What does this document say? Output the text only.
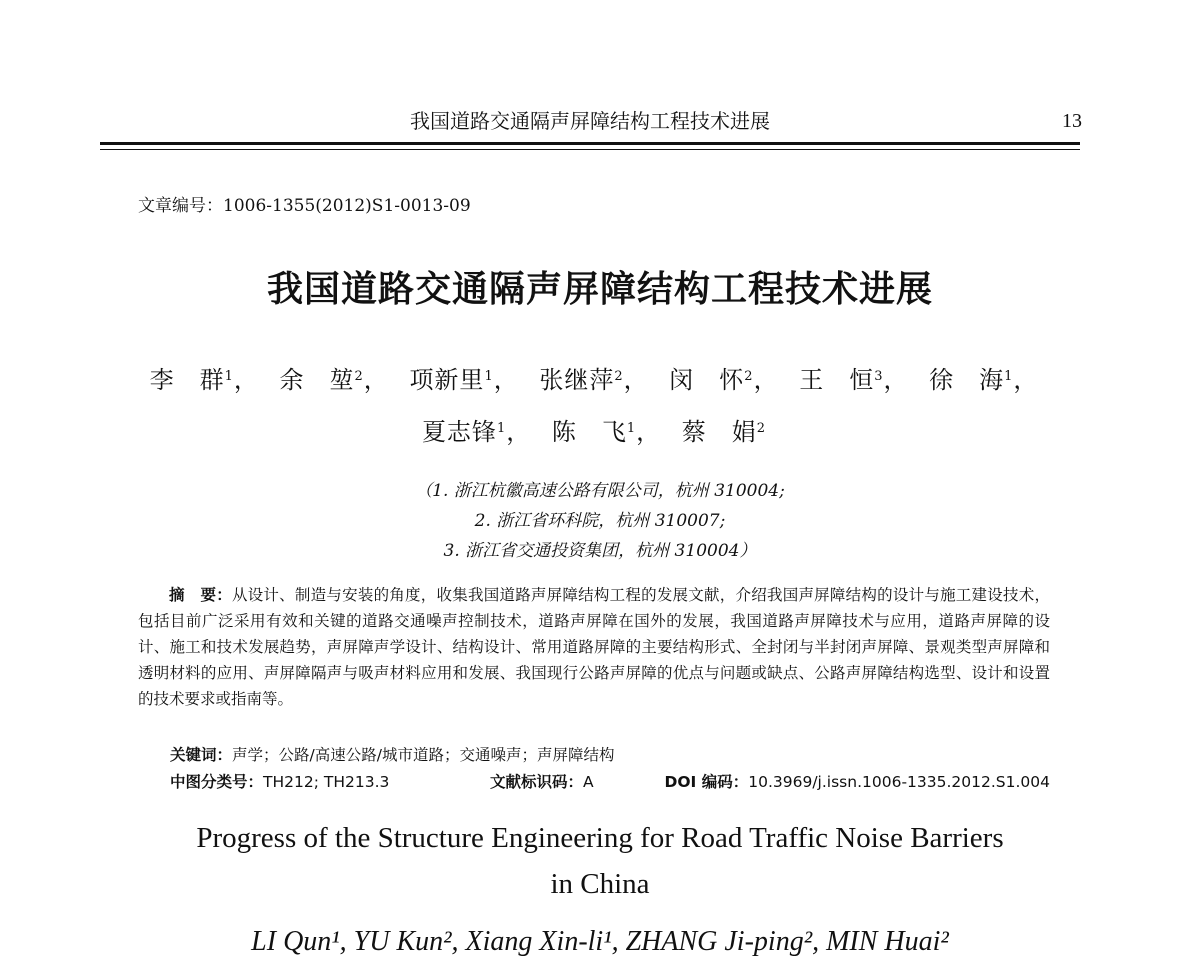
我国道路交通隔声屏障结构工程技术进展	13
文章编号：1006-1355(2012)S1-0013-09
我国道路交通隔声屏障结构工程技术进展
李　群$^1$， 余　堃$^2$， 项新里$^1$， 张继萍$^2$， 闵　怀$^2$， 王　恒$^3$， 徐　海$^1$，
夏志锋$^1$， 陈　飞$^1$， 蔡　娟$^2$
（1. 浙江杭徽高速公路有限公司，杭州 310004;
2. 浙江省环科院，杭州 310007;
3. 浙江省交通投资集团，杭州 310004）
摘　要：从设计、制造与安装的角度，收集我国道路声屏障结构工程的发展文献，介绍我国声屏障结构的设计与施工建设技术，包括目前广泛采用有效和关键的道路交通噪声控制技术，道路声屏障在国外的发展，我国道路声屏障技术与应用，道路声屏障的设计、施工和技术发展趋势，声屏障声学设计、结构设计、常用道路屏障的主要结构形式、全封闭与半封闭声屏障、景观类型声屏障和透明材料的应用、声屏障隔声与吸声材料应用和发展、我国现行公路声屏障的优点与问题或缺点、公路声屏障结构选型、设计和设置的技术要求或指南等。
关键词：声学；公路/高速公路/城市道路；交通噪声；声屏障结构
中图分类号：TH212; TH213.3	文献标识码：A	DOI 编码：10.3969/j.issn.1006-1335.2012.S1.004
Progress of the Structure Engineering for Road Traffic Noise Barriers
in China
LI Qun¹, YU Kun², Xiang Xin-li¹, ZHANG Ji-ping², MIN Huai²
